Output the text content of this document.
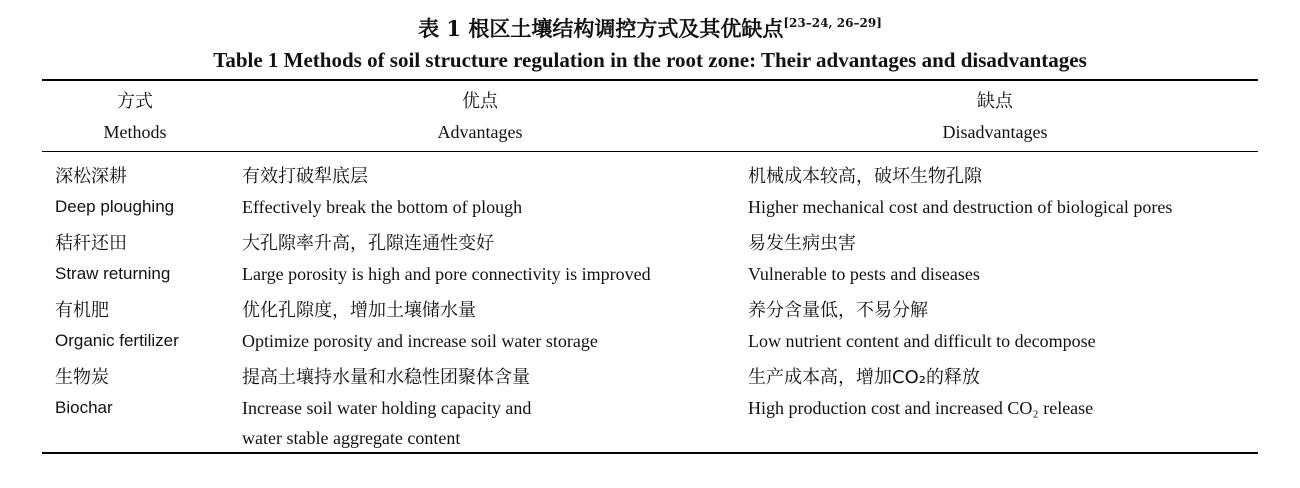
表 1 根区土壤结构调控方式及其优缺点[23–24, 26–29]
Table 1 Methods of soil structure regulation in the root zone: Their advantages and disadvantages
方式
Methods
优点
Advantages
缺点
Disadvantages
深松深耕
Deep ploughing
有效打破犁底层
Effectively break the bottom of plough
机械成本较高，破坏生物孔隙
Higher mechanical cost and destruction of biological pores
秸秆还田
Straw returning
大孔隙率升高，孔隙连通性变好
Large porosity is high and pore connectivity is improved
易发生病虫害
Vulnerable to pests and diseases
有机肥
Organic fertilizer
优化孔隙度，增加土壤储水量
Optimize porosity and increase soil water storage
养分含量低，不易分解
Low nutrient content and difficult to decompose
生物炭
Biochar
提高土壤持水量和水稳性团聚体含量
Increase soil water holding capacity and
water stable aggregate content
生产成本高，增加CO₂的释放
High production cost and increased CO₂ release
